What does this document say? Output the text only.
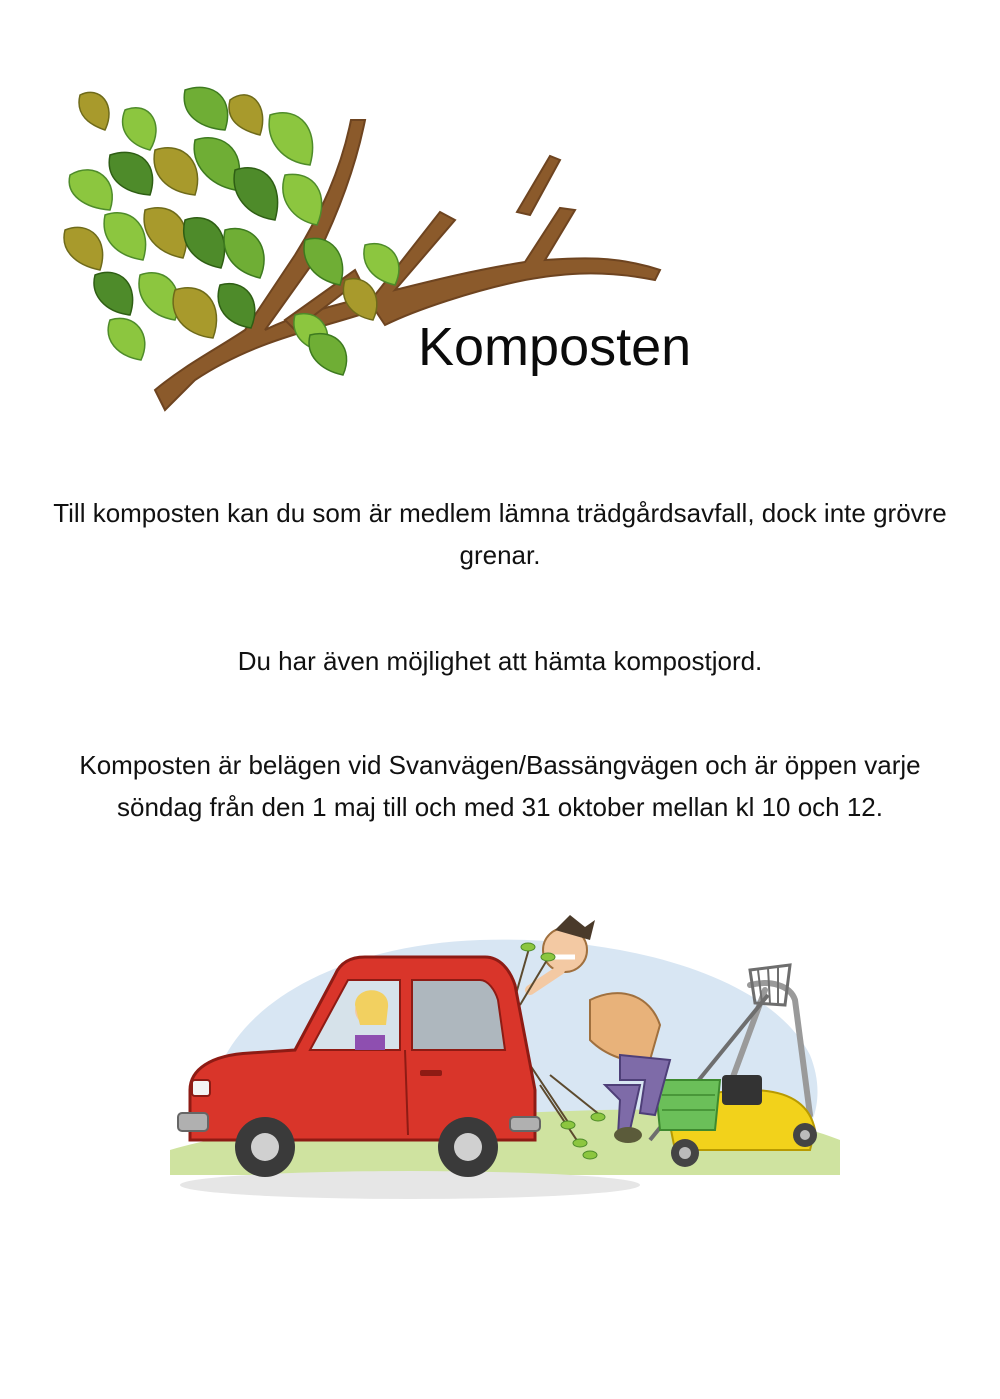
Komposten

Till komposten kan du som är medlem lämna trädgårdsavfall, dock inte grövre grenar.

Du har även möjlighet att hämta kompostjord.

Komposten är belägen vid Svanvägen/Bassängvägen och är öppen varje söndag från den 1 maj till och med 31 oktober mellan kl 10 och 12.
